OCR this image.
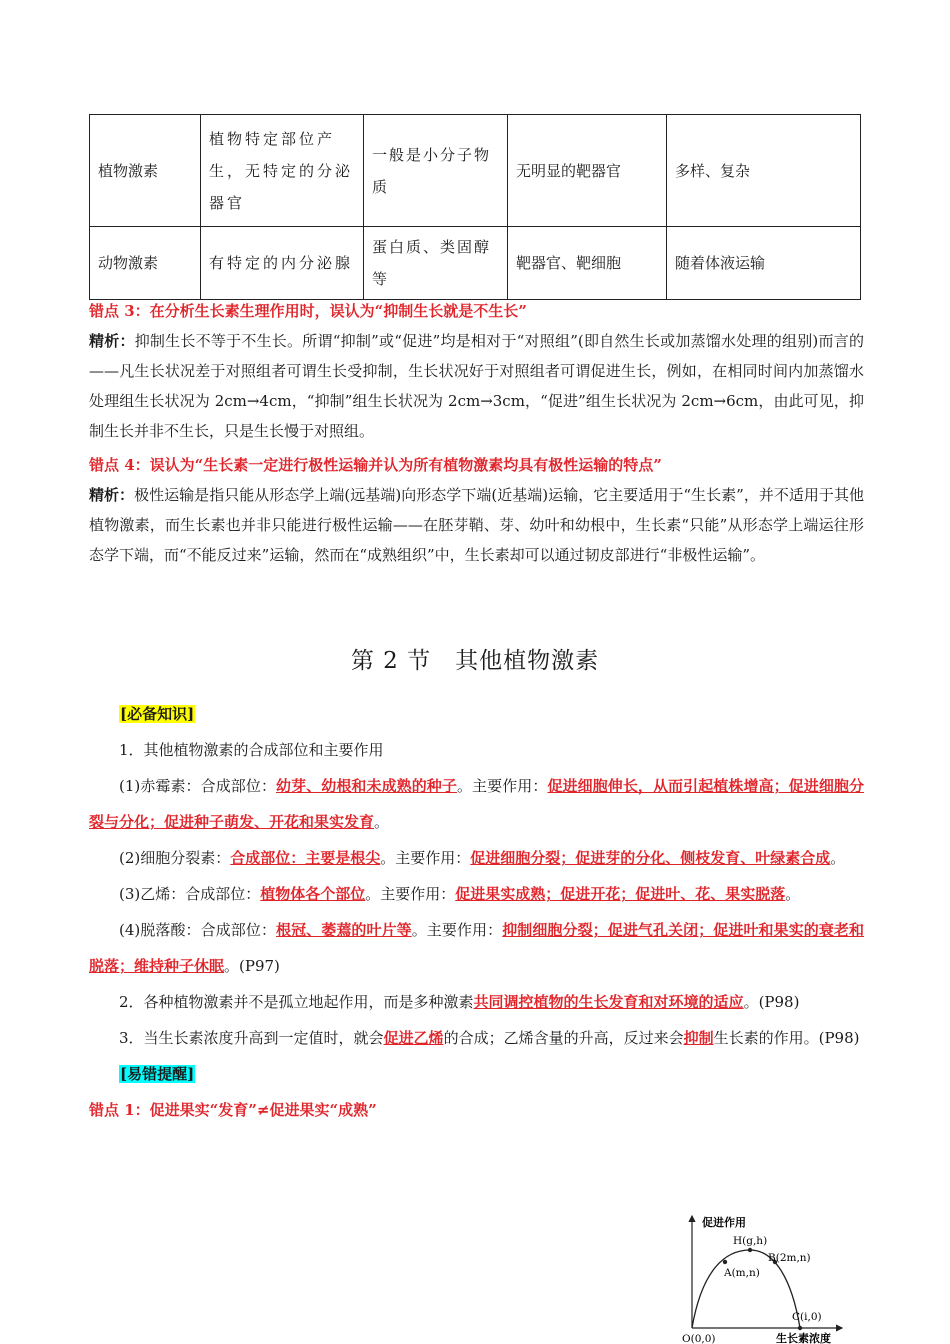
植物激素	植物特定部位产生，无特定的分泌器官	一般是小分子物质	无明显的靶器官	多样、复杂
动物激素	有特定的内分泌腺	蛋白质、类固醇等	靶器官、靶细胞	随着体液运输
错点 3：在分析生长素生理作用时，误认为“抑制生长就是不生长”
精析：抑制生长不等于不生长。所谓“抑制”或“促进”均是相对于“对照组”(即自然生长或加蒸馏水处理的组别)而言的——凡生长状况差于对照组者可谓生长受抑制，生长状况好于对照组者可谓促进生长，例如，在相同时间内加蒸馏水处理组生长状况为 2cm→4cm，“抑制”组生长状况为 2cm→3cm，“促进”组生长状况为 2cm→6cm，由此可见，抑制生长并非不生长，只是生长慢于对照组。
错点 4：误认为“生长素一定进行极性运输并认为所有植物激素均具有极性运输的特点”
精析：极性运输是指只能从形态学上端(远基端)向形态学下端(近基端)运输，它主要适用于“生长素”，并不适用于其他植物激素，而生长素也并非只能进行极性运输——在胚芽鞘、芽、幼叶和幼根中，生长素“只能”从形态学上端运往形态学下端，而“不能反过来”运输，然而在“成熟组织”中，生长素却可以通过韧皮部进行“非极性运输”。
第 2 节　其他植物激素
[必备知识]
1．其他植物激素的合成部位和主要作用
(1)赤霉素：合成部位：幼芽、幼根和未成熟的种子。主要作用：促进细胞伸长，从而引起植株增高；促进细胞分裂与分化；促进种子萌发、开花和果实发育。
(2)细胞分裂素：合成部位：主要是根尖。主要作用：促进细胞分裂；促进芽的分化、侧枝发育、叶绿素合成。
(3)乙烯：合成部位：植物体各个部位。主要作用：促进果实成熟；促进开花；促进叶、花、果实脱落。
(4)脱落酸：合成部位：根冠、萎蔫的叶片等。主要作用：抑制细胞分裂；促进气孔关闭；促进叶和果实的衰老和脱落；维持种子休眠。(P97)
2．各种植物激素并不是孤立地起作用，而是多种激素共同调控植物的生长发育和对环境的适应。(P98)
3．当生长素浓度升高到一定值时，就会促进乙烯的合成；乙烯含量的升高，反过来会抑制生长素的作用。(P98)
[易错提醒]
错点 1：促进果实“发育”≠促进果实“成熟”
促进作用
H(g,h)
A(m,n)
B(2m,n)
C(i,0)
O(0,0)	生长素浓度
